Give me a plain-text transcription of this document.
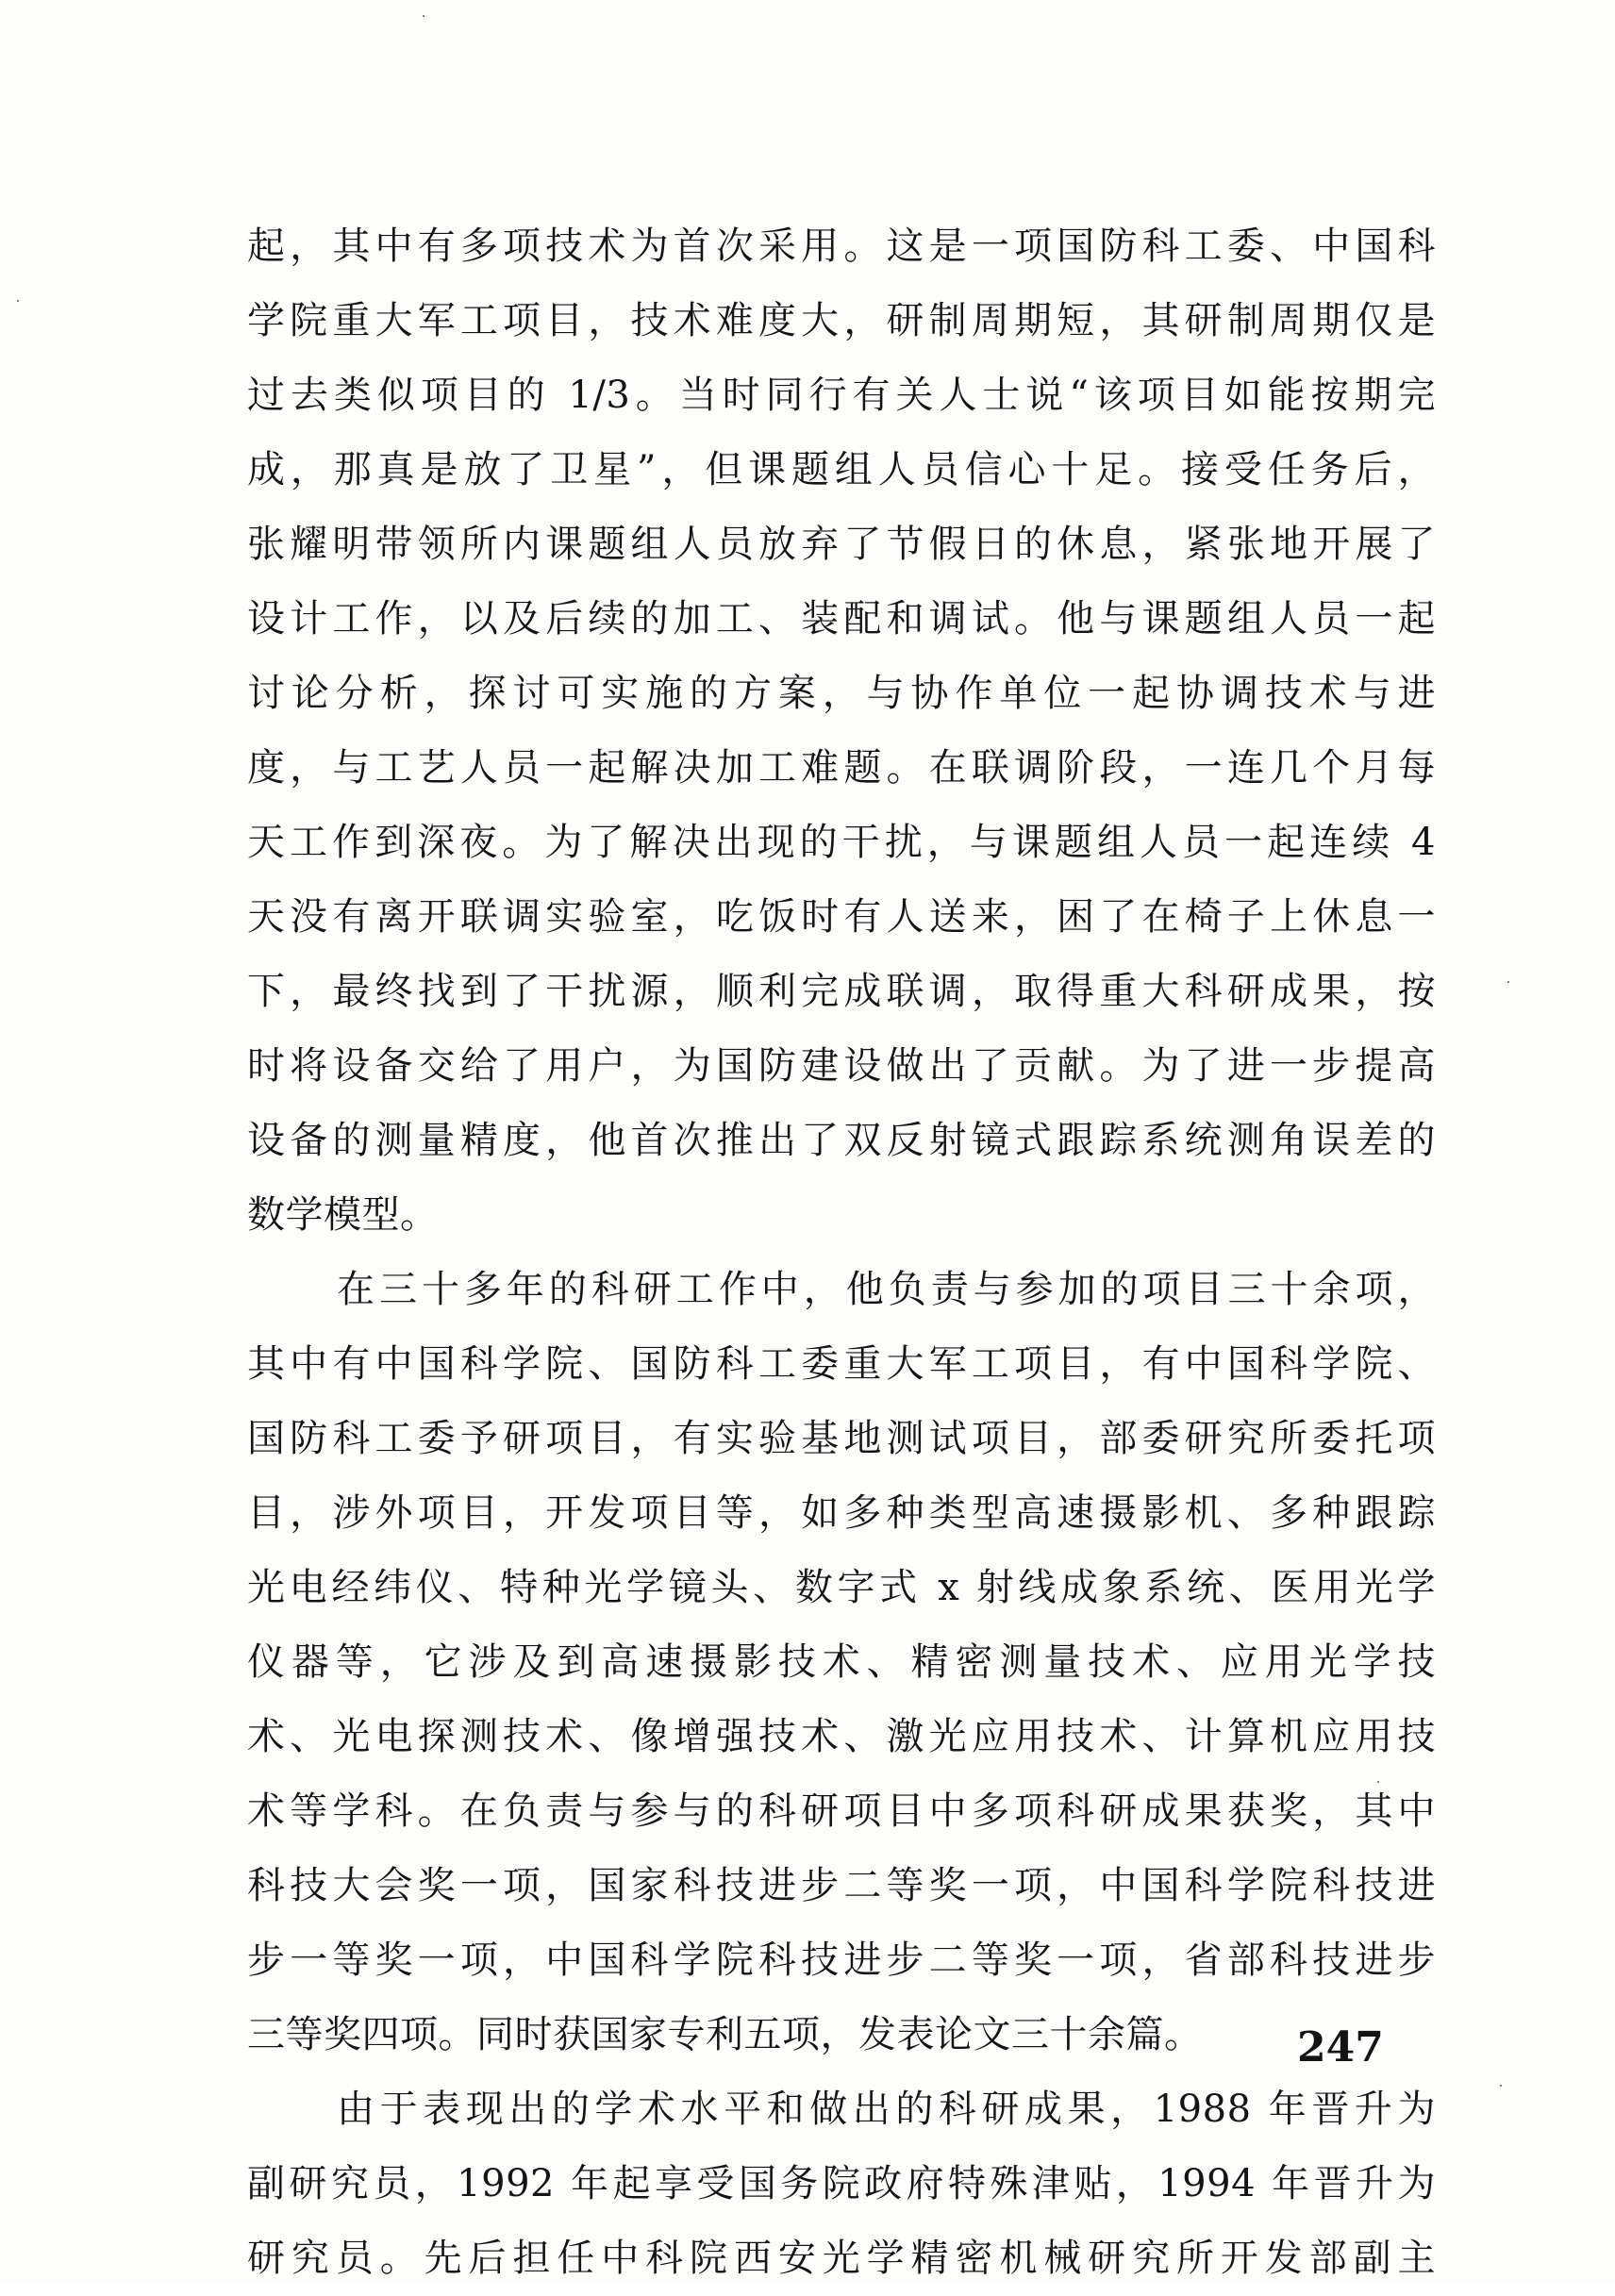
起，其中有多项技术为首次采用。这是一项国防科工委、中国科
学院重大军工项目，技术难度大，研制周期短，其研制周期仅是
过去类似项目的 1/3。当时同行有关人士说“该项目如能按期完
成，那真是放了卫星”，但课题组人员信心十足。接受任务后，
张耀明带领所内课题组人员放弃了节假日的休息，紧张地开展了
设计工作，以及后续的加工、装配和调试。他与课题组人员一起
讨论分析，探讨可实施的方案，与协作单位一起协调技术与进
度，与工艺人员一起解决加工难题。在联调阶段，一连几个月每
天工作到深夜。为了解决出现的干扰，与课题组人员一起连续 4
天没有离开联调实验室，吃饭时有人送来，困了在椅子上休息一
下，最终找到了干扰源，顺利完成联调，取得重大科研成果，按
时将设备交给了用户，为国防建设做出了贡献。为了进一步提高
设备的测量精度，他首次推出了双反射镜式跟踪系统测角误差的
数学模型。
在三十多年的科研工作中，他负责与参加的项目三十余项，
其中有中国科学院、国防科工委重大军工项目，有中国科学院、
国防科工委予研项目，有实验基地测试项目，部委研究所委托项
目，涉外项目，开发项目等，如多种类型高速摄影机、多种跟踪
光电经纬仪、特种光学镜头、数字式 x 射线成象系统、医用光学
仪器等，它涉及到高速摄影技术、精密测量技术、应用光学技
术、光电探测技术、像增强技术、激光应用技术、计算机应用技
术等学科。在负责与参与的科研项目中多项科研成果获奖，其中
科技大会奖一项，国家科技进步二等奖一项，中国科学院科技进
步一等奖一项，中国科学院科技进步二等奖一项，省部科技进步
三等奖四项。同时获国家专利五项，发表论文三十余篇。
由于表现出的学术水平和做出的科研成果，1988 年晋升为
副研究员，1992 年起享受国务院政府特殊津贴，1994 年晋升为
研究员。先后担任中科院西安光学精密机械研究所开发部副主
247
